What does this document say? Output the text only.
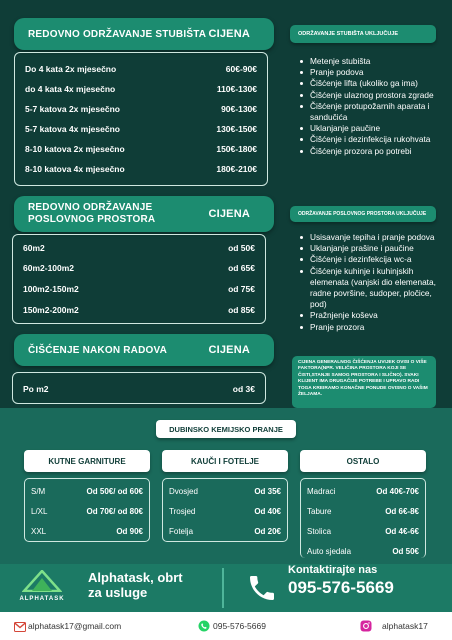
REDOVNO ODRŽAVANJE STUBIŠTA CIJENA
Do 4 kata 2x mjesečno	60€-90€
do 4 kata 4x mjesečno	110€-130€
5-7 katova 2x mjesečno	90€-130€
5-7 katova 4x mjesečno	130€-150€
8-10 katova 2x mjesečno	150€-180€
8-10 katova 4x mjesečno	180€-210€
ODRŽAVANJE STUBIŠTA UKLJUČUJE
Metenje stubišta
Pranje podova
Čišćenje lifta (ukoliko ga ima)
Čišćenje ulaznog prostora zgrade
Čišćenje protupožarnih aparata i
sandučića
Uklanjanje paučine
Čišćenje i dezinfekcija rukohvata
Čišćenje prozora po potrebi
REDOVNO ODRŽAVANJE
POSLOVNOG PROSTORA	CIJENA
60m2	od 50€
60m2-100m2	od 65€
100m2-150m2	od 75€
150m2-200m2	od 85€
ODRŽAVANJE POSLOVNOG PROSTORA UKLJUČUJE
Usisavanje tepiha i pranje podova
Uklanjanje prašine i paučine
Čišćenje i dezinfekcija wc-a
Čišćenje kuhinje i kuhinjskih
elemenata (vanjski dio elemenata,
radne površine, sudoper, pločice,
pod)
Pražnjenje koševa
Pranje prozora
ČIŠĆENJE NAKON RADOVA	CIJENA
Po m2	od 3€
CIJENA GENERALNOG ČIŠĆENJA UVIJEK OVISI O VIŠE FAKTORA(NPR. VELIČINA PROSTORA KOJI SE ČISTI,STANJE SAMOG PROSTORA I SLIČNO). SVAKI KLIJENT IMA DRUGAČIJE POTREBE I UPRAVO RADI TOGA KREIRAMO KONAČNE PONUDE OVISNO O VAŠIM ŽELJAMA.
DUBINSKO KEMIJSKO PRANJE
KUTNE GARNITURE
S/M	Od 50€/ od 60€
L/XL	Od 70€/ od 80€
XXL	Od 90€
KAUČI I FOTELJE
Dvosjed	Od 35€
Trosjed	Od 40€
Fotelja	Od 20€
OSTALO
Madraci	Od 40€-70€
Tabure	Od 6€-8€
Stolica	Od 4€-6€
Auto sjedala	Od 50€
ALPHATASK
Alphatask, obrt
za usluge
Kontaktirajte nas
095-576-5669
alphatask17@gmail.com	095-576-5669	alphatask17
